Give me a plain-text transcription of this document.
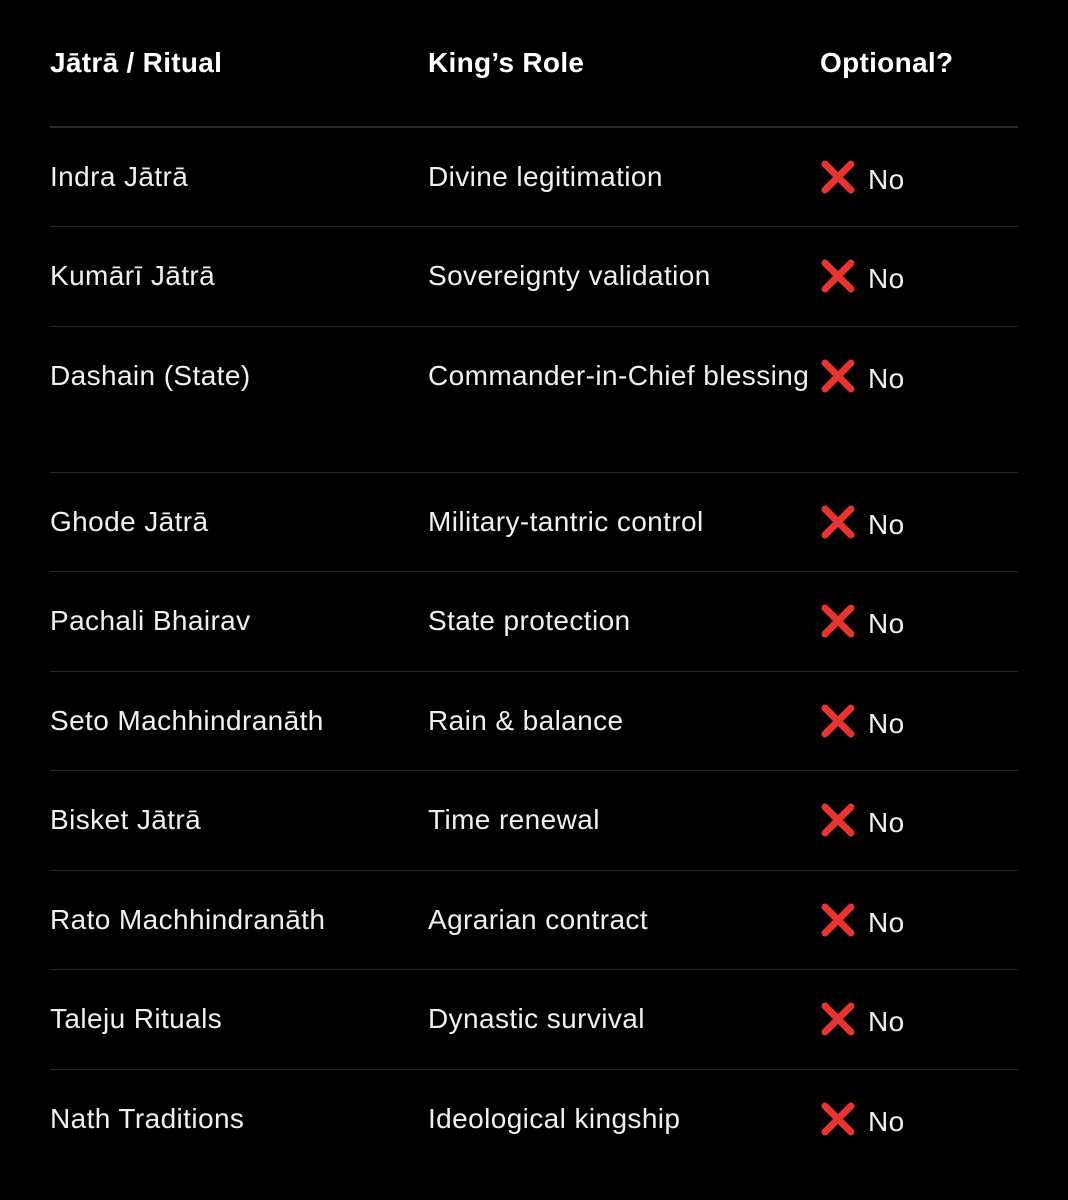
Jātrā / Ritual	King’s Role	Optional?

Indra Jātrā	Divine legitimation	No

Kumārī Jātrā	Sovereignty validation	No

Dashain (State)	Commander-in-Chief blessing	No

Ghode Jātrā	Military-tantric control	No

Pachali Bhairav	State protection	No

Seto Machhindranāth	Rain & balance	No

Bisket Jātrā	Time renewal	No

Rato Machhindranāth	Agrarian contract	No

Taleju Rituals	Dynastic survival	No

Nath Traditions	Ideological kingship	No
